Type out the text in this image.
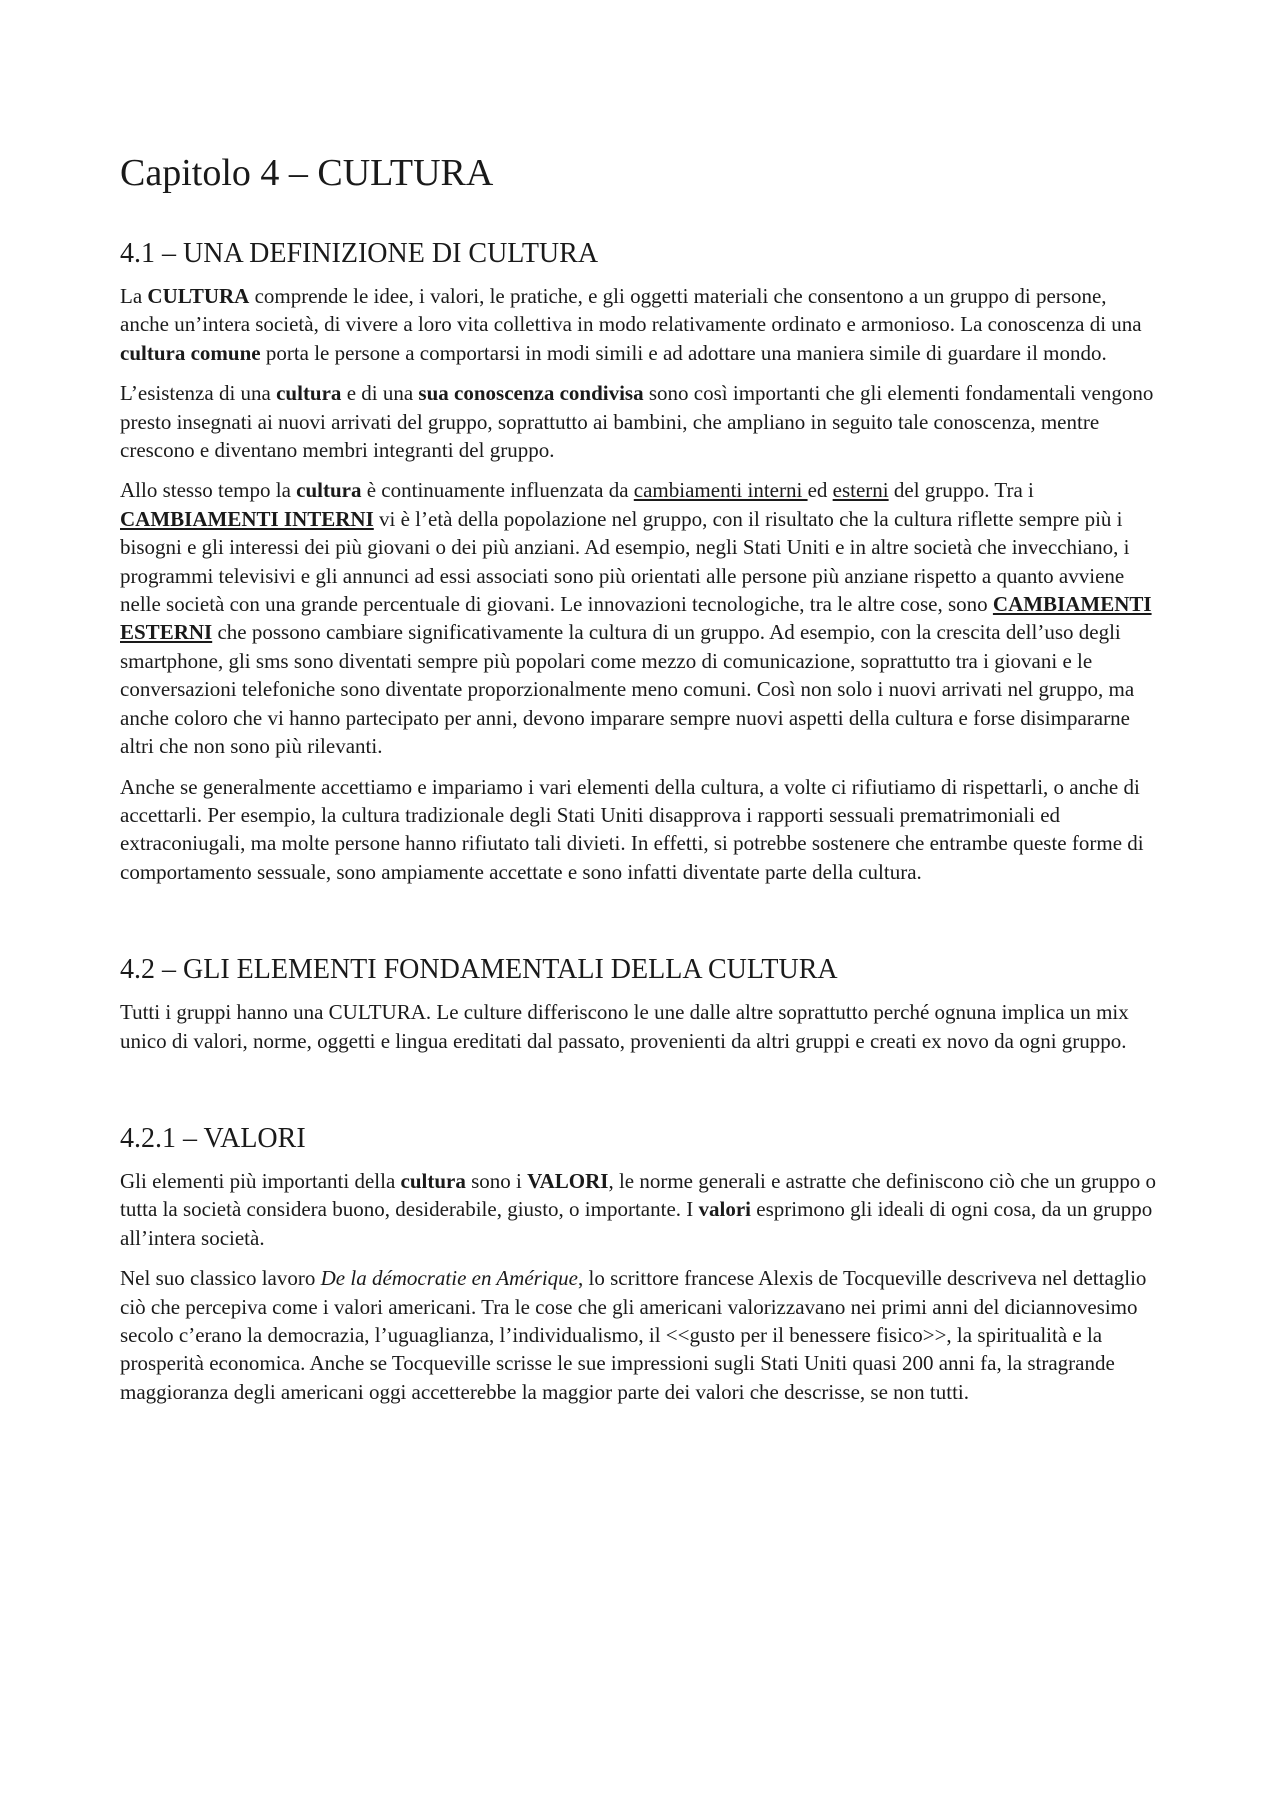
Capitolo 4 – CULTURA
4.1 – UNA DEFINIZIONE DI CULTURA

La CULTURA comprende le idee, i valori, le pratiche, e gli oggetti materiali che consentono a un gruppo di persone, anche un’intera società, di vivere a loro vita collettiva in modo relativamente ordinato e armonioso. La conoscenza di una cultura comune porta le persone a comportarsi in modi simili e ad adottare una maniera simile di guardare il mondo.

L’esistenza di una cultura e di una sua conoscenza condivisa sono così importanti che gli elementi fondamentali vengono presto insegnati ai nuovi arrivati del gruppo, soprattutto ai bambini, che ampliano in seguito tale conoscenza, mentre crescono e diventano membri integranti del gruppo.

Allo stesso tempo la cultura è continuamente influenzata da cambiamenti interni ed esterni del gruppo. Tra i CAMBIAMENTI INTERNI vi è l’età della popolazione nel gruppo, con il risultato che la cultura riflette sempre più i bisogni e gli interessi dei più giovani o dei più anziani. Ad esempio, negli Stati Uniti e in altre società che invecchiano, i programmi televisivi e gli annunci ad essi associati sono più orientati alle persone più anziane rispetto a quanto avviene nelle società con una grande percentuale di giovani. Le innovazioni tecnologiche, tra le altre cose, sono CAMBIAMENTI ESTERNI che possono cambiare significativamente la cultura di un gruppo. Ad esempio, con la crescita dell’uso degli smartphone, gli sms sono diventati sempre più popolari come mezzo di comunicazione, soprattutto tra i giovani e le conversazioni telefoniche sono diventate proporzionalmente meno comuni. Così non solo i nuovi arrivati nel gruppo, ma anche coloro che vi hanno partecipato per anni, devono imparare sempre nuovi aspetti della cultura e forse disimpararne altri che non sono più rilevanti.

Anche se generalmente accettiamo e impariamo i vari elementi della cultura, a volte ci rifiutiamo di rispettarli, o anche di accettarli. Per esempio, la cultura tradizionale degli Stati Uniti disapprova i rapporti sessuali prematrimoniali ed extraconiugali, ma molte persone hanno rifiutato tali divieti. In effetti, si potrebbe sostenere che entrambe queste forme di comportamento sessuale, sono ampiamente accettate e sono infatti diventate parte della cultura.

4.2 – GLI ELEMENTI FONDAMENTALI DELLA CULTURA

Tutti i gruppi hanno una CULTURA. Le culture differiscono le une dalle altre soprattutto perché ognuna implica un mix unico di valori, norme, oggetti e lingua ereditati dal passato, provenienti da altri gruppi e creati ex novo da ogni gruppo.

4.2.1 – VALORI

Gli elementi più importanti della cultura sono i VALORI, le norme generali e astratte che definiscono ciò che un gruppo o tutta la società considera buono, desiderabile, giusto, o importante. I valori esprimono gli ideali di ogni cosa, da un gruppo all’intera società.

Nel suo classico lavoro De la démocratie en Amérique, lo scrittore francese Alexis de Tocqueville descriveva nel dettaglio ciò che percepiva come i valori americani. Tra le cose che gli americani valorizzavano nei primi anni del diciannovesimo secolo c’erano la democrazia, l’uguaglianza, l’individualismo, il <<gusto per il benessere fisico>>, la spiritualità e la prosperità economica. Anche se Tocqueville scrisse le sue impressioni sugli Stati Uniti quasi 200 anni fa, la stragrande maggioranza degli americani oggi accetterebbe la maggior parte dei valori che descrisse, se non tutti.
